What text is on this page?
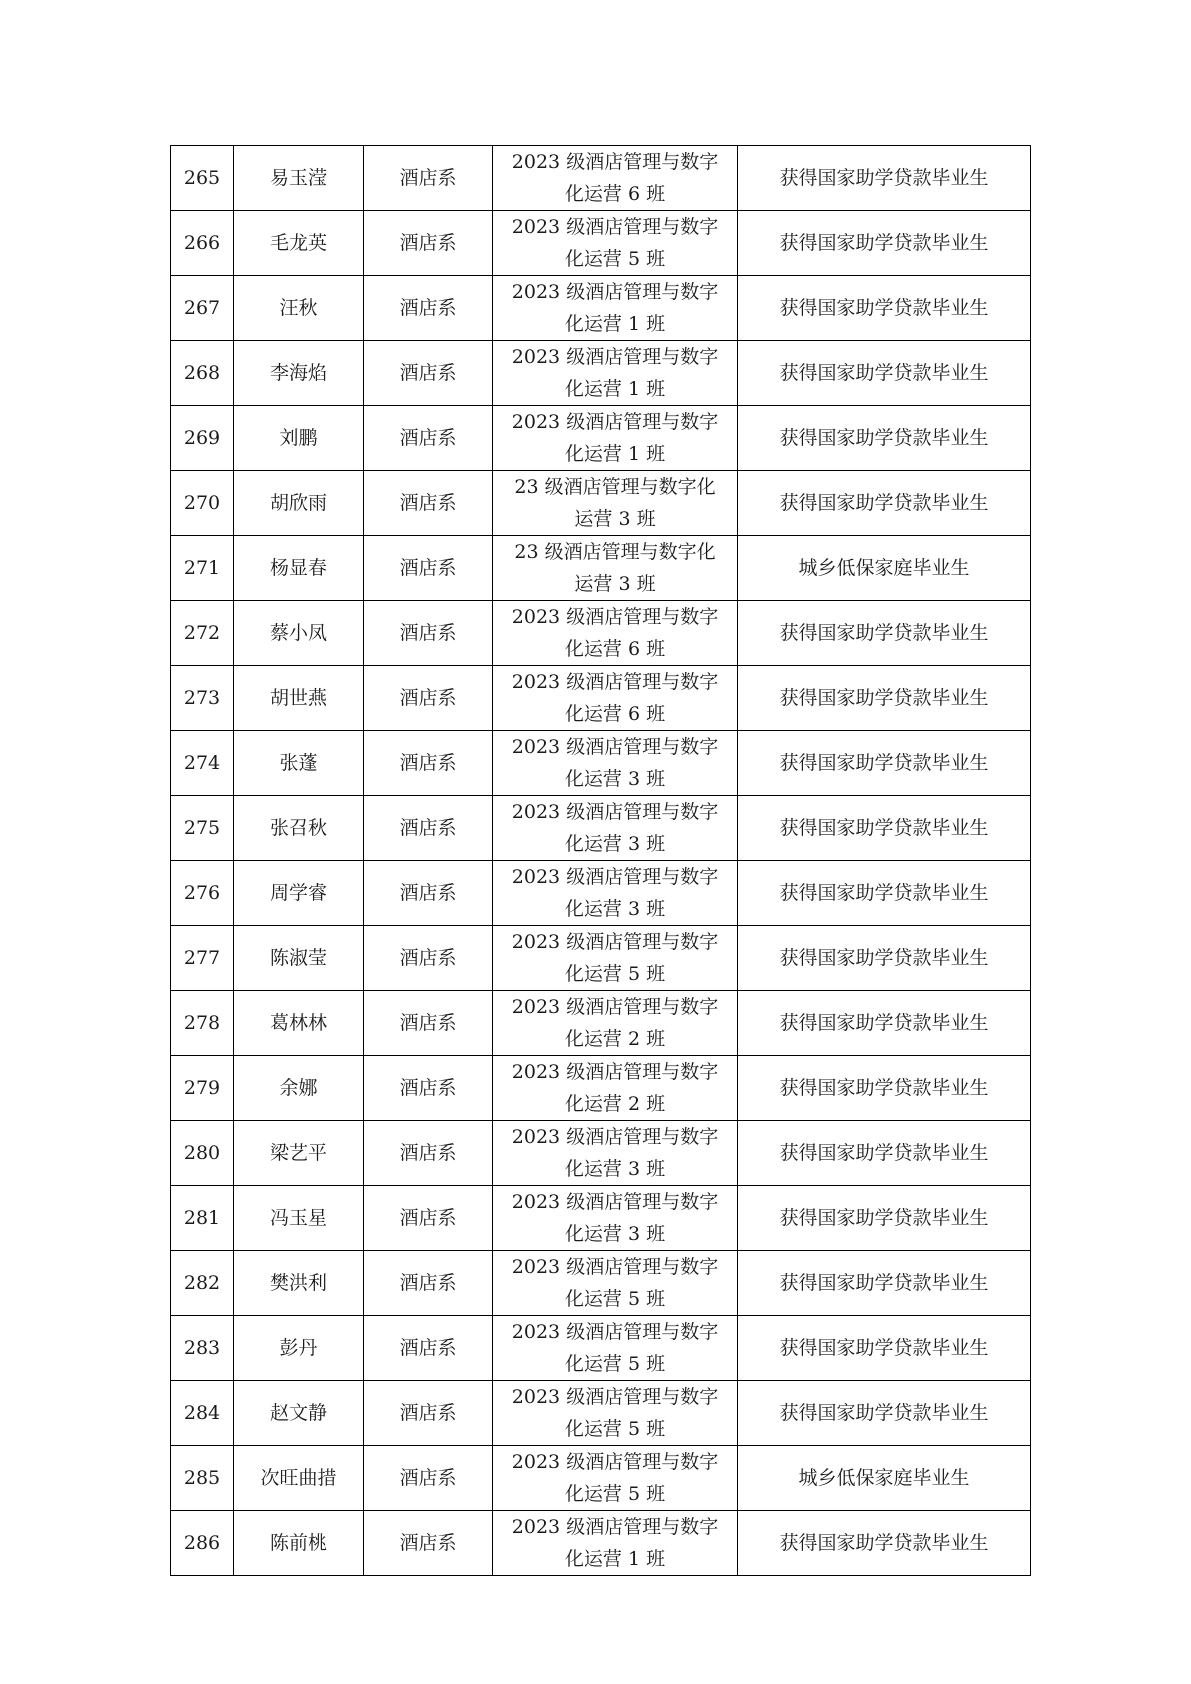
265	易玉滢	酒店系	2023 级酒店管理与数字化运营 6 班	获得国家助学贷款毕业生
266	毛龙英	酒店系	2023 级酒店管理与数字化运营 5 班	获得国家助学贷款毕业生
267	汪秋	酒店系	2023 级酒店管理与数字化运营 1 班	获得国家助学贷款毕业生
268	李海焰	酒店系	2023 级酒店管理与数字化运营 1 班	获得国家助学贷款毕业生
269	刘鹏	酒店系	2023 级酒店管理与数字化运营 1 班	获得国家助学贷款毕业生
270	胡欣雨	酒店系	23 级酒店管理与数字化运营 3 班	获得国家助学贷款毕业生
271	杨显春	酒店系	23 级酒店管理与数字化运营 3 班	城乡低保家庭毕业生
272	蔡小凤	酒店系	2023 级酒店管理与数字化运营 6 班	获得国家助学贷款毕业生
273	胡世燕	酒店系	2023 级酒店管理与数字化运营 6 班	获得国家助学贷款毕业生
274	张蓬	酒店系	2023 级酒店管理与数字化运营 3 班	获得国家助学贷款毕业生
275	张召秋	酒店系	2023 级酒店管理与数字化运营 3 班	获得国家助学贷款毕业生
276	周学睿	酒店系	2023 级酒店管理与数字化运营 3 班	获得国家助学贷款毕业生
277	陈淑莹	酒店系	2023 级酒店管理与数字化运营 5 班	获得国家助学贷款毕业生
278	葛林林	酒店系	2023 级酒店管理与数字化运营 2 班	获得国家助学贷款毕业生
279	余娜	酒店系	2023 级酒店管理与数字化运营 2 班	获得国家助学贷款毕业生
280	梁艺平	酒店系	2023 级酒店管理与数字化运营 3 班	获得国家助学贷款毕业生
281	冯玉星	酒店系	2023 级酒店管理与数字化运营 3 班	获得国家助学贷款毕业生
282	樊洪利	酒店系	2023 级酒店管理与数字化运营 5 班	获得国家助学贷款毕业生
283	彭丹	酒店系	2023 级酒店管理与数字化运营 5 班	获得国家助学贷款毕业生
284	赵文静	酒店系	2023 级酒店管理与数字化运营 5 班	获得国家助学贷款毕业生
285	次旺曲措	酒店系	2023 级酒店管理与数字化运营 5 班	城乡低保家庭毕业生
286	陈前桃	酒店系	2023 级酒店管理与数字化运营 1 班	获得国家助学贷款毕业生
